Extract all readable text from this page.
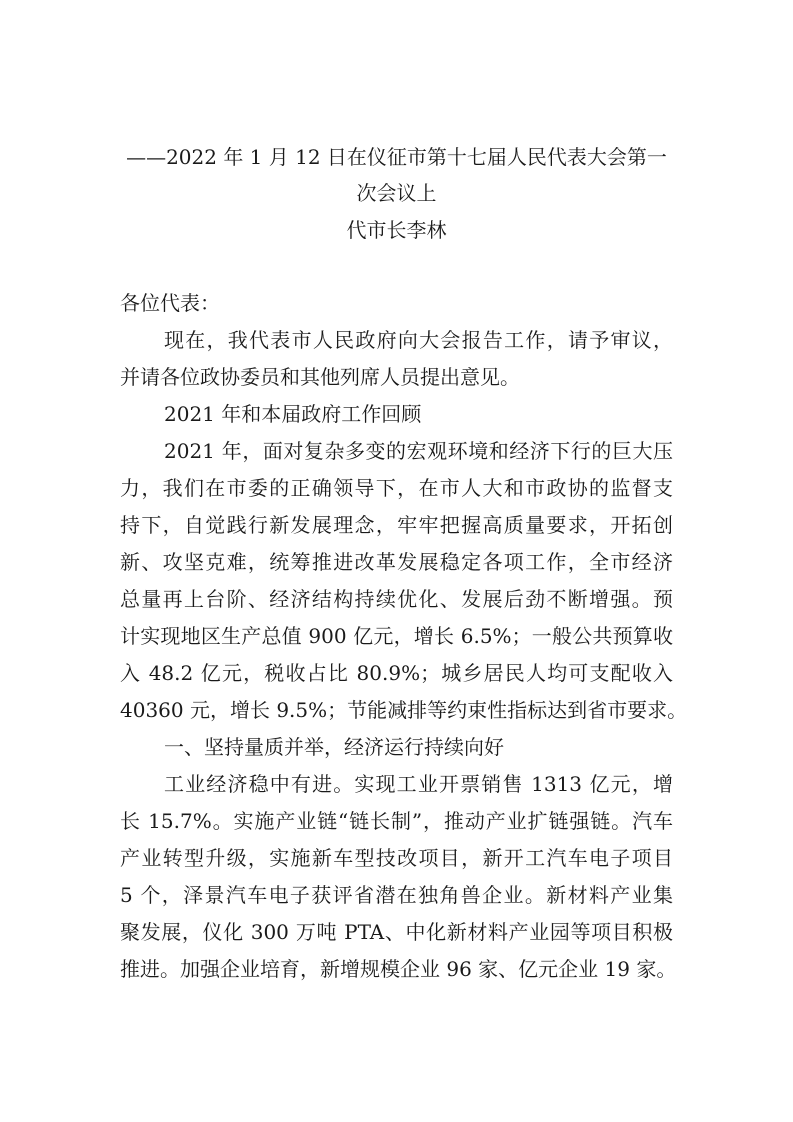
——2022 年 1 月 12 日在仪征市第十七届人民代表大会第一
次会议上
代市长李林
各位代表：
现在，我代表市人民政府向大会报告工作，请予审议，
并请各位政协委员和其他列席人员提出意见。
2021 年和本届政府工作回顾
2021 年，面对复杂多变的宏观环境和经济下行的巨大压
力，我们在市委的正确领导下，在市人大和市政协的监督支
持下，自觉践行新发展理念，牢牢把握高质量要求，开拓创
新、攻坚克难，统筹推进改革发展稳定各项工作，全市经济
总量再上台阶、经济结构持续优化、发展后劲不断增强。预
计实现地区生产总值 900 亿元，增长 6.5%；一般公共预算收
入 48.2 亿元，税收占比 80.9%；城乡居民人均可支配收入
40360 元，增长 9.5%；节能减排等约束性指标达到省市要求。
一、坚持量质并举，经济运行持续向好
工业经济稳中有进。实现工业开票销售 1313 亿元，增
长 15.7%。实施产业链“链长制”，推动产业扩链强链。汽车
产业转型升级，实施新车型技改项目，新开工汽车电子项目
5 个，泽景汽车电子获评省潜在独角兽企业。新材料产业集
聚发展，仪化 300 万吨 PTA、中化新材料产业园等项目积极
推进。加强企业培育，新增规模企业 96 家、亿元企业 19 家。
